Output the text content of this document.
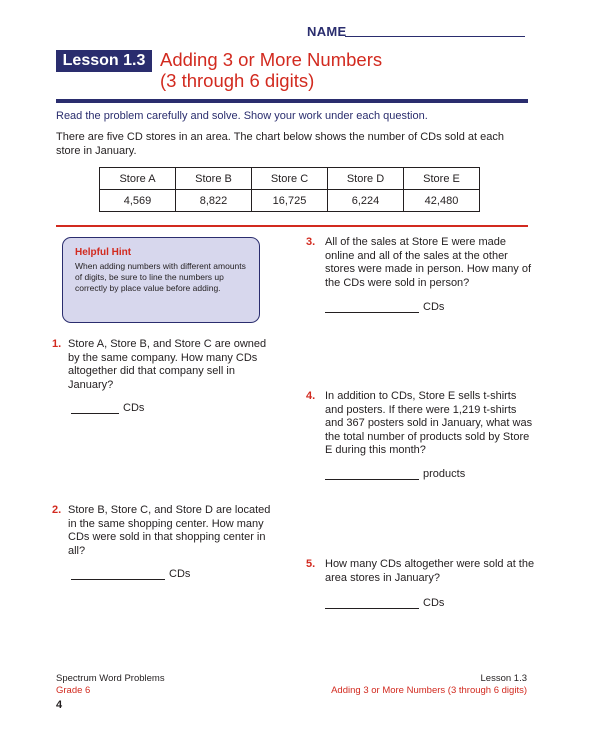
NAME
Lesson 1.3 Adding 3 or More Numbers
(3 through 6 digits)
Read the problem carefully and solve. Show your work under each question.
There are five CD stores in an area. The chart below shows the number of CDs sold at each store in January.
Store A	Store B	Store C	Store D	Store E
4,569	8,822	16,725	6,224	42,480
Helpful Hint
When adding numbers with different amounts of digits, be sure to line the numbers up correctly by place value before adding.
1. Store A, Store B, and Store C are owned by the same company. How many CDs altogether did that company sell in January?
CDs
2. Store B, Store C, and Store D are located in the same shopping center. How many CDs were sold in that shopping center in all?
CDs
3. All of the sales at Store E were made online and all of the sales at the other stores were made in person. How many of the CDs were sold in person?
CDs
4. In addition to CDs, Store E sells t-shirts and posters. If there were 1,219 t-shirts and 367 posters sold in January, what was the total number of products sold by Store E during this month?
products
5. How many CDs altogether were sold at the area stores in January?
CDs
Spectrum Word Problems
Grade 6
Lesson 1.3
Adding 3 or More Numbers (3 through 6 digits)
4
